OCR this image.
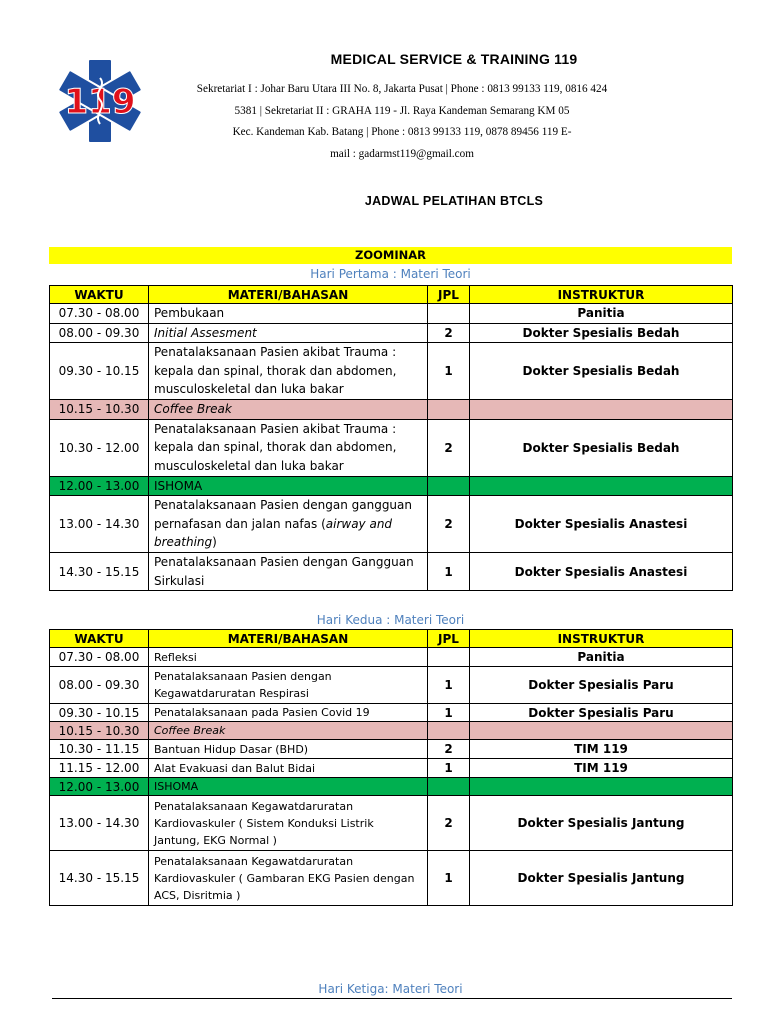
119
MEDICAL SERVICE & TRAINING 119
Sekretariat I : Johar Baru Utara III No. 8, Jakarta Pusat | Phone : 0813 99133 119, 0816 424
5381 | Sekretariat II : GRAHA 119 - Jl. Raya Kandeman Semarang KM 05
Kec. Kandeman Kab. Batang | Phone : 0813 99133 119, 0878 89456 119 E-
mail : gadarmst119@gmail.com
JADWAL PELATIHAN BTCLS
ZOOMINAR
Hari Pertama : Materi Teori
WAKTU	MATERI/BAHASAN	JPL	INSTRUKTUR
07.30 - 08.00	Pembukaan		Panitia
08.00 - 09.30	Initial Assesment	2	Dokter Spesialis Bedah
09.30 - 10.15	Penatalaksanaan Pasien akibat Trauma : kepala dan spinal, thorak dan abdomen, musculoskeletal dan luka bakar	1	Dokter Spesialis Bedah
10.15 - 10.30	Coffee Break		
10.30 - 12.00	Penatalaksanaan Pasien akibat Trauma : kepala dan spinal, thorak dan abdomen, musculoskeletal dan luka bakar	2	Dokter Spesialis Bedah
12.00 - 13.00	ISHOMA		
13.00 - 14.30	Penatalaksanaan Pasien dengan gangguan pernafasan dan jalan nafas (airway and breathing)	2	Dokter Spesialis Anastesi
14.30 - 15.15	Penatalaksanaan Pasien dengan Gangguan Sirkulasi	1	Dokter Spesialis Anastesi
Hari Kedua : Materi Teori
WAKTU	MATERI/BAHASAN	JPL	INSTRUKTUR
07.30 - 08.00	Refleksi		Panitia
08.00 - 09.30	Penatalaksanaan Pasien dengan Kegawatdaruratan Respirasi	1	Dokter Spesialis Paru
09.30 - 10.15	Penatalaksanaan pada Pasien Covid 19	1	Dokter Spesialis Paru
10.15 - 10.30	Coffee Break		
10.30 - 11.15	Bantuan Hidup Dasar (BHD)	2	TIM 119
11.15 - 12.00	Alat Evakuasi dan Balut Bidai	1	TIM 119
12.00 - 13.00	ISHOMA		
13.00 - 14.30	Penatalaksanaan Kegawatdaruratan Kardiovaskuler ( Sistem Konduksi Listrik Jantung, EKG Normal )	2	Dokter Spesialis Jantung
14.30 - 15.15	Penatalaksanaan Kegawatdaruratan Kardiovaskuler ( Gambaran EKG Pasien dengan ACS, Disritmia )	1	Dokter Spesialis Jantung
Hari Ketiga: Materi Teori
